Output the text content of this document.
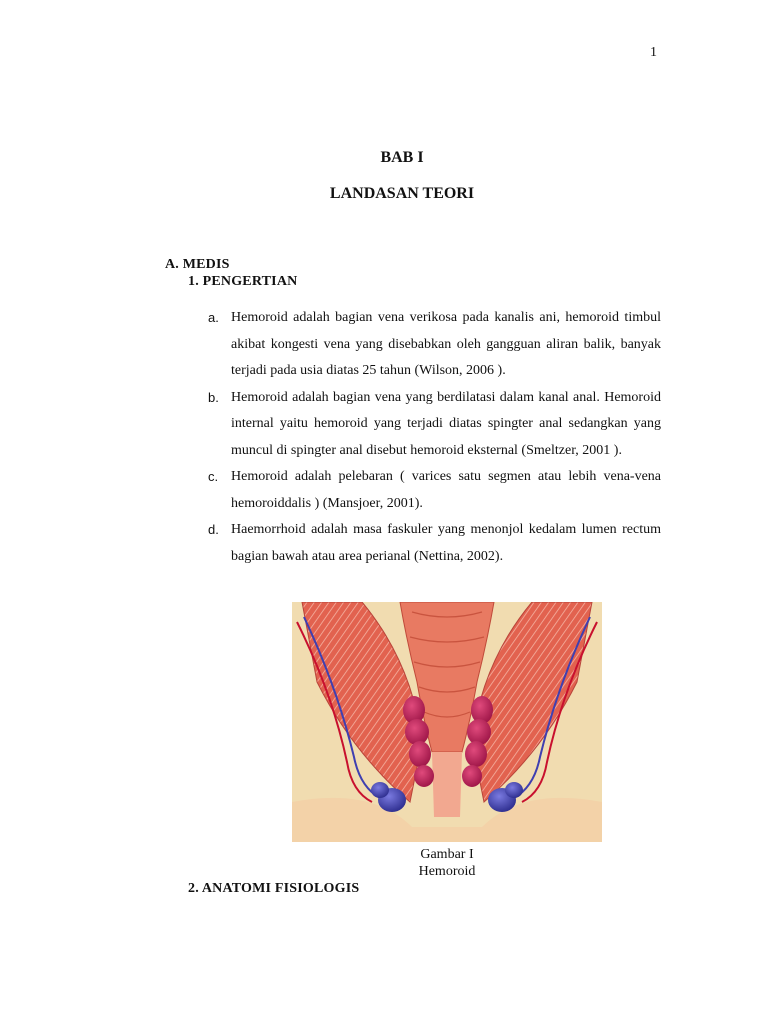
1
BAB I
LANDASAN TEORI
A. MEDIS
1. PENGERTIAN
a. Hemoroid adalah bagian vena verikosa pada kanalis ani, hemoroid timbul akibat kongesti vena yang disebabkan oleh gangguan aliran balik, banyak terjadi pada usia diatas 25 tahun (Wilson, 2006 ).
b. Hemoroid adalah bagian vena yang berdilatasi dalam kanal anal. Hemoroid internal yaitu hemoroid yang terjadi diatas spingter anal sedangkan yang muncul di spingter anal disebut hemoroid eksternal (Smeltzer, 2001 ).
c. Hemoroid adalah pelebaran ( varices satu segmen atau lebih vena-vena hemoroiddalis ) (Mansjoer, 2001).
d. Haemorrhoid adalah masa faskuler yang menonjol kedalam lumen rectum bagian bawah atau area perianal (Nettina, 2002).
Gambar I
Hemoroid
2. ANATOMI FISIOLOGIS
